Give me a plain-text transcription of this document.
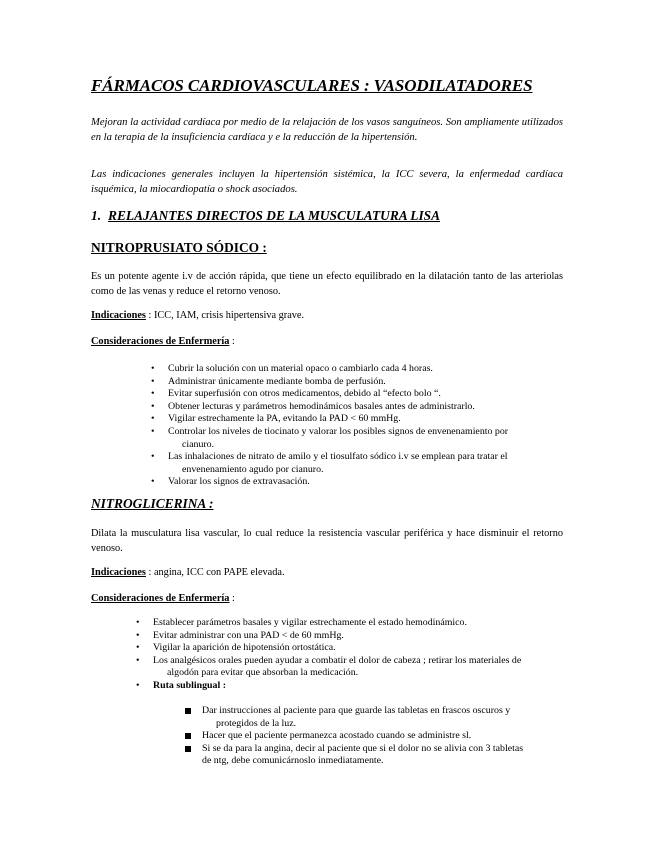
FÁRMACOS CARDIOVASCULARES : VASODILATADORES

Mejoran la actividad cardíaca por medio de la relajación de los vasos sanguíneos. Son ampliamente utilizados en la terapia de la insuficiencia cardíaca y e la reducción de la hipertensión.

Las indicaciones generales incluyen la hipertensión sistémica, la ICC severa, la enfermedad cardíaca isquémica, la miocardiopatía o shock asociados.

1. RELAJANTES DIRECTOS DE LA MUSCULATURA LISA
NITROPRUSIATO SÓDICO :

Es un potente agente i.v de acción rápida, que tiene un efecto equilibrado en la dilatación tanto de las arteriolas como de las venas y reduce el retorno venoso.

Indicaciones : ICC, IAM, crisis hipertensiva grave.

Consideraciones de Enfermería :

• Cubrir la solución con un material opaco o cambiarlo cada 4 horas.
• Administrar únicamente mediante bomba de perfusión.
• Evitar superfusión con otros medicamentos, debido al “efecto bolo “.
• Obtener lecturas y parámetros hemodinámicos basales antes de administrarlo.
• Vigilar estrechamente la PA, evitando la PAD < 60 mmHg.
• Controlar los niveles de tiocinato y valorar los posibles signos de envenenamiento por
cianuro.
• Las inhalaciones de nitrato de amilo y el tiosulfato sódico i.v se emplean para tratar el
envenenamiento agudo por cianuro.
• Valorar los signos de extravasación.
NITROGLICERINA :

Dilata la musculatura lisa vascular, lo cual reduce la resistencia vascular periférica y hace disminuir el retorno venoso.

Indicaciones : angina, ICC con PAPE elevada.

Consideraciones de Enfermería :

• Establecer parámetros basales y vigilar estrechamente el estado hemodinámico.
• Evitar administrar con una PAD < de 60 mmHg.
• Vigilar la aparición de hipotensión ortostática.
• Los analgésicos orales pueden ayudar a combatir el dolor de cabeza ; retirar los materiales de
algodón para evitar que absorban la medicación.
• Ruta sublingual :
Dar instrucciones al paciente para que guarde las tabletas en frascos oscuros y
protegidos de la luz.
Hacer que el paciente permanezca acostado cuando se administre sl.
Si se da para la angina, decir al paciente que si el dolor no se alivia con 3 tabletas
de ntg, debe comunicárnoslo inmediatamente.
